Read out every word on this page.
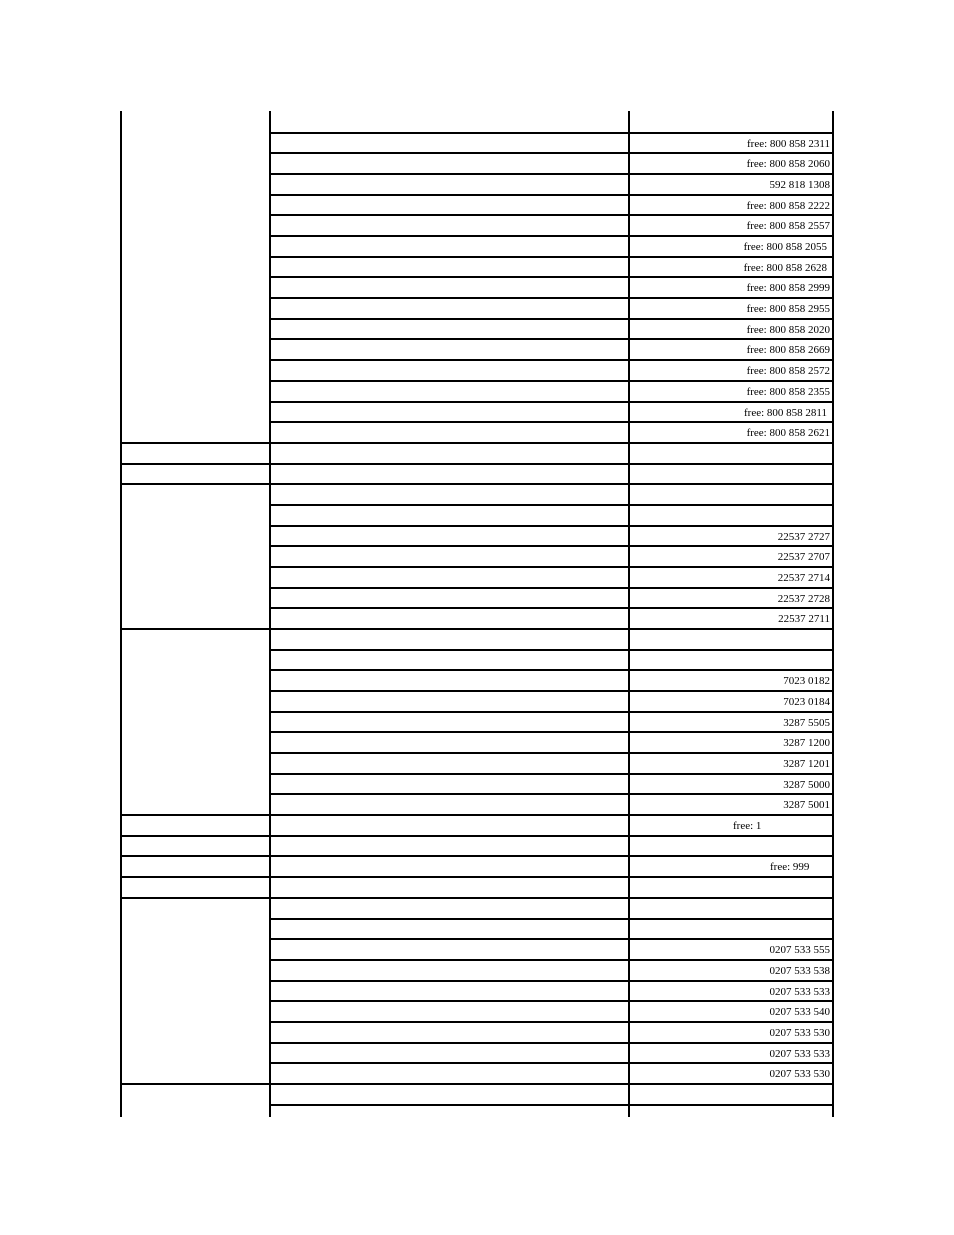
free: 800 858 2311
free: 800 858 2060
592 818 1308
free: 800 858 2222
free: 800 858 2557
free: 800 858 2055
free: 800 858 2628
free: 800 858 2999
free: 800 858 2955
free: 800 858 2020
free: 800 858 2669
free: 800 858 2572
free: 800 858 2355
free: 800 858 2811
free: 800 858 2621
22537 2727
22537 2707
22537 2714
22537 2728
22537 2711
7023 0182
7023 0184
3287 5505
3287 1200
3287 1201
3287 5000
3287 5001
free: 1
free: 999
0207 533 555
0207 533 538
0207 533 533
0207 533 540
0207 533 530
0207 533 533
0207 533 530
